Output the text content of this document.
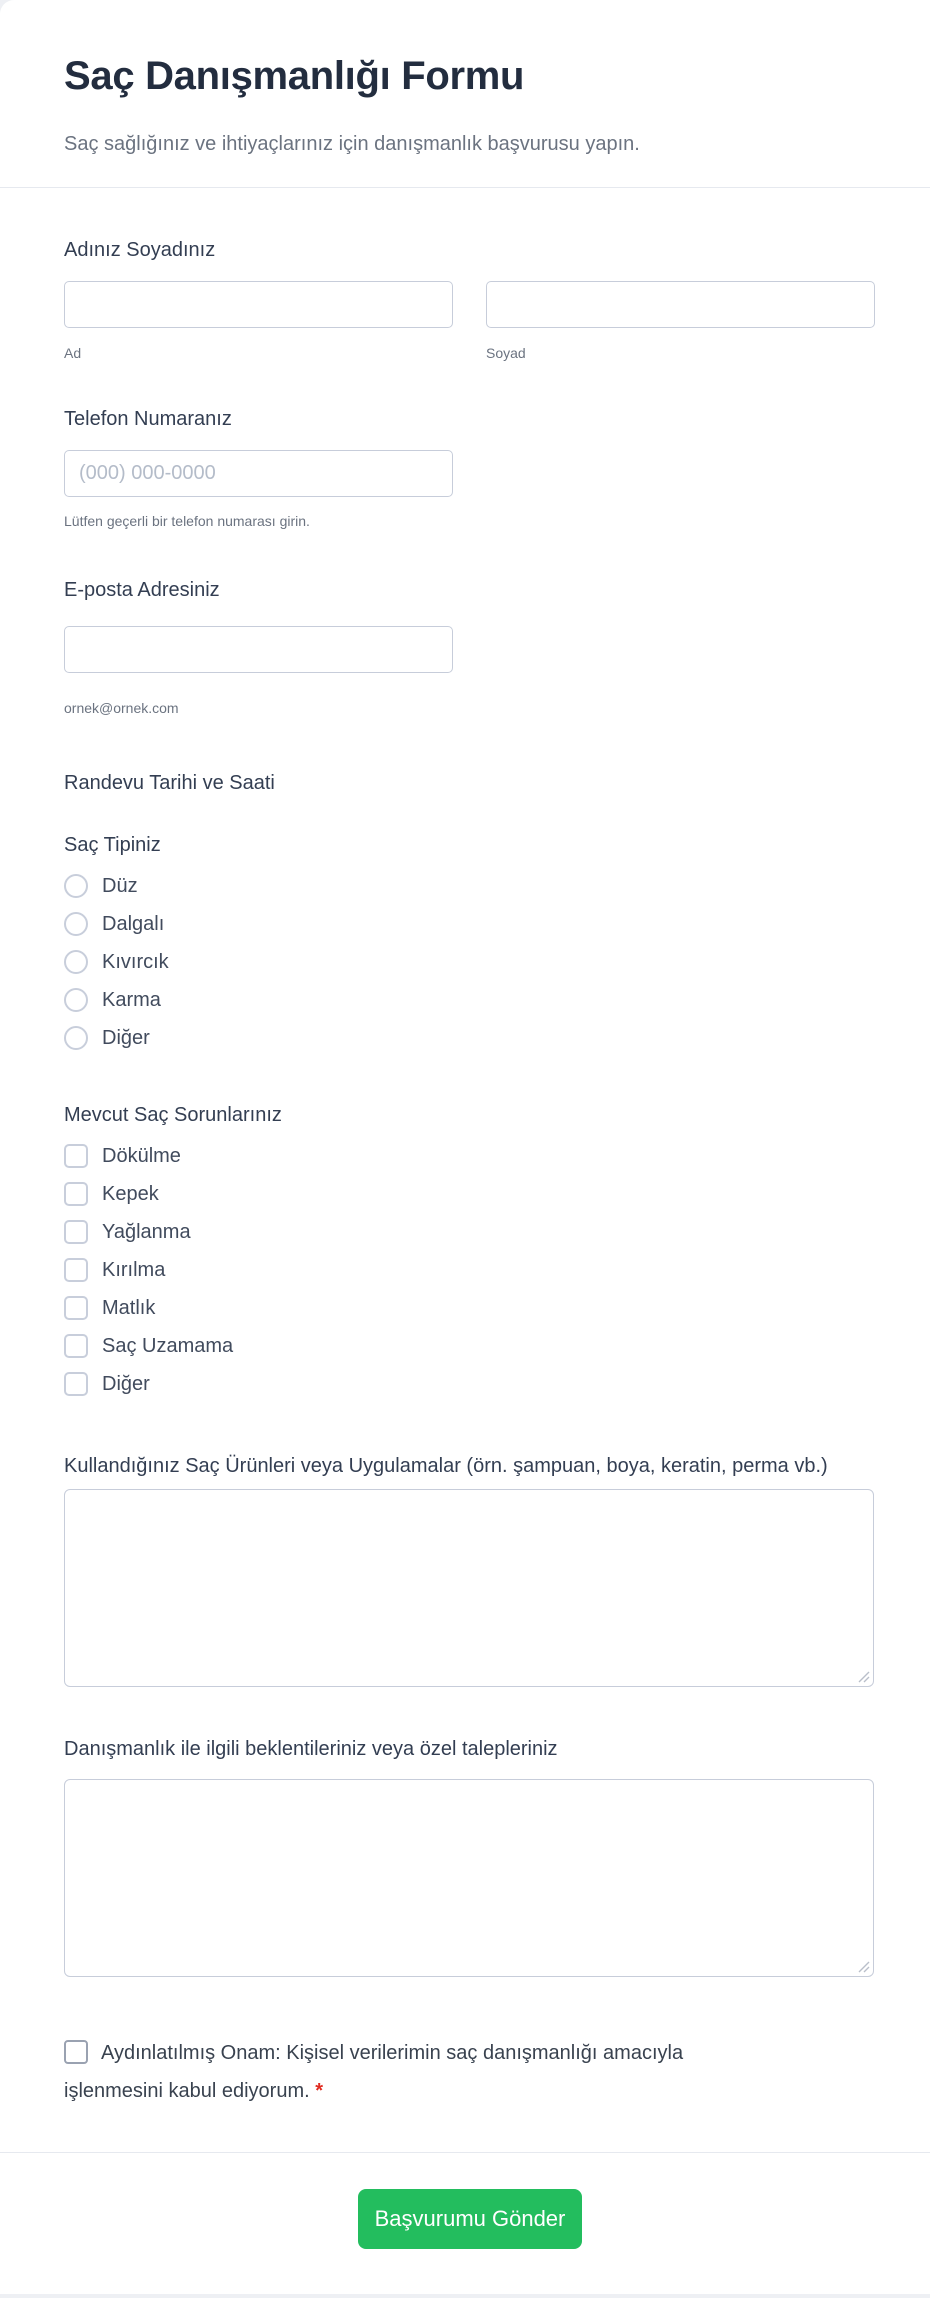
Saç Danışmanlığı Formu
Saç sağlığınız ve ihtiyaçlarınız için danışmanlık başvurusu yapın.
Adınız Soyadınız
Ad	Soyad
Telefon Numaranız
(000) 000-0000
Lütfen geçerli bir telefon numarası girin.
E-posta Adresiniz
ornek@ornek.com
Randevu Tarihi ve Saati
Saç Tipiniz
Düz
Dalgalı
Kıvırcık
Karma
Diğer
Mevcut Saç Sorunlarınız
Dökülme
Kepek
Yağlanma
Kırılma
Matlık
Saç Uzamama
Diğer
Kullandığınız Saç Ürünleri veya Uygulamalar (örn. şampuan, boya, keratin, perma vb.)
Danışmanlık ile ilgili beklentileriniz veya özel talepleriniz
Aydınlatılmış Onam: Kişisel verilerimin saç danışmanlığı amacıyla işlenmesini kabul ediyorum. *
Başvurumu Gönder
